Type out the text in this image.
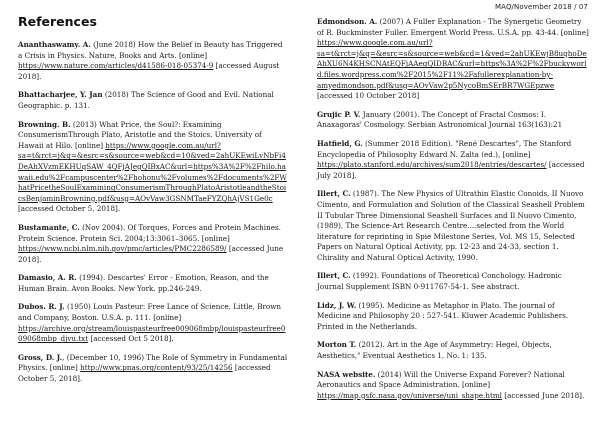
MAQ/November 2018 / 07
References

Ananthaswamy. A. (June 2018) How the Belief in Beauty has Triggered a Crisis in Physics. Nature, Books and Arts. [online] https://www.nature.com/articles/d41586-018-05374-9 [accessed August 2018].

Bhattacharjee, Y. Jan (2018) The Science of Good and Evil. National Geographic. p. 131.

Browning. B. (2013) What Price, the Soul?: Examining ConsumerismThrough Plato, Aristotle and the Stoics. University of Hawaii at Hilo. [online] https://www.google.com.au/url?sa=t&rct=j&q=&esrc=s&source=web&cd=10&ved=2ahUKEwiLvNbFi4DeAhXVzmEKHUqSAW_4QFjAJegQIBxAC&url=https%3A%2F%2Fhilo.hawaii.edu%2Fcampuscenter%2Fhohonu%2Fvolumes%2Fdocuments%2FWhatPricetheSoulExaminingConsumerismThroughPlatoAristotleandtheStoicsBenjaminBrowning.pdf&usg=AOvVaw3GSNMTaeFYZQhAjVS1Ge0c [accessed October 5, 2018].

Bustamante, C. (Nov 2004). Of Torques, Forces and Protein Machines. Protein Science. Protein Sci. 2004;13:3061–3065. [online] https://www.ncbi.nlm.nih.gov/pmc/articles/PMC2286589/ [accessed June 2018].

Damasio, A. R. (1994). Descartes' Error - Emotion, Reason, and the Human Brain. Avon Books. New York. pp.246-249.

Dubos. R. J. (1950) Louis Pasteur: Free Lance of Science. Little, Brown and Company, Boston. U.S.A. p. 111. [online] https://archive.org/stream/louispasteurfree009068mbp/louispasteurfree009068mbp_djvu.txt [accessed Oct 5 2018].

Gross, D. J., (December 10, 1996) The Role of Symmetry in Fundamental Physics. [online] http://www.pnas.org/content/93/25/14256 [accessed October 5, 2018].

Edmondson. A. (2007) A Fuller Explanation - The Synergetic Geometry of R. Buckminster Fuller. Emergent World Press. U.S.A. pp. 43-44. [online] https://www.google.com.au/url?sa=t&rct=j&q=&esrc=s&source=web&cd=1&ved=2ahUKEwjB8uqhoDeAhXU6N4KHSCNAtEQFjAAegQIDBAC&url=https%3A%2F%2Fbuckyworld.files.wordpress.com%2F2015%2F11%2Fafullerexplanation-by-amyedmondson.pdf&usg=AOvVaw2p5NycoBmSErBR7WGEpzwe [accessed 10 October 2018]

Grujic P. V. January (2001). The Concept of Fractal Cosmos: I. Anaxagoras' Cosmology. Serbian Astronomical Journal 163(163):21

Hatfield, G. (Summer 2018 Edition). "René Descartes", The Stanford Encyclopedia of Philosophy Edward N. Zalta (ed.), [online] https://plato.stanford.edu/archives/sum2018/entries/descartes/ [accessed July 2018].

Illert, C. (1987). The New Physics of Ultrathin Elastic Conoids, II Nuovo Cimento, and Formulation and Solution of the Classical Seashell Problem II Tubular Three Dimensional Seashell Surfaces and Il Nuovo Cimento, (1989), The Science-Art Research Centre....selected from the World literature for reprinting in Spie Milestone Series, Vol. MS 15, Selected Papers on Natural Optical Activity, pp. 12-23 and 24-33, section 1. Chirality and Natural Optical Activity, 1990.

Illert, C. (1992). Foundations of Theoretical Conchology. Hadronic Journal Supplement ISBN 0-911767-54-1. See abstract.

Lidz, J. W. (1995). Medicine as Metaphor in Plato. The journal of Medicine and Philosophy 20 : 527-541. Kluwer Academic Publishers. Printed in the Netherlands.

Morton T. (2012). Art in the Age of Asymmetry: Hegel, Objects, Aesthetics," Eventual Aesthetics 1, No. 1: 135.

NASA website. (2014) Will the Universe Expand Forever? National Aeronautics and Space Administration. [online] https://map.gsfc.nasa.gov/universe/uni_shape.html [accessed June 2018].
